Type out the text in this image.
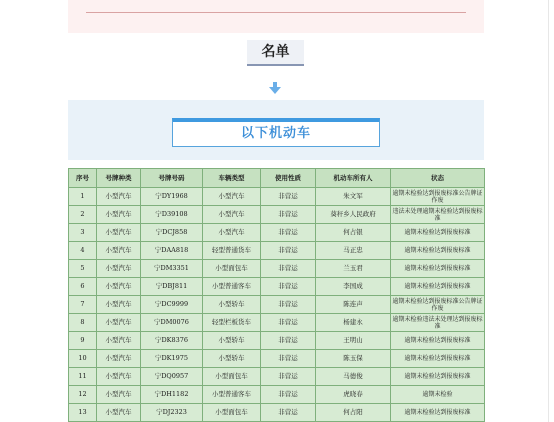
名单
以下机动车
序号	号牌种类	号牌号码	车辆类型	使用性质	机动车所有人	状态
1	小型汽车	宁DY1968	小型汽车	非营运	朱文军	逾期未检验达到报废标准公告牌证作废
2	小型汽车	宁D39108	小型汽车	非营运	葵秆乡人民政府	违法未处理逾期未检验达到报废标准
3	小型汽车	宁DCJ858	小型汽车	非营运	何占银	逾期未检验达到报废标准
4	小型汽车	宁DAA818	轻型普通货车	非营运	马正忠	逾期未检验达到报废标准
5	小型汽车	宁DM3351	小型面包车	非营运	兰玉君	逾期未检验达到报废标准
6	小型汽车	宁DBJ811	小型普通客车	非营运	李国成	逾期未检验达到报废标准
7	小型汽车	宁DC9999	小型轿车	非营运	陈连声	逾期未检验达到报废标准公告牌证作废
8	小型汽车	宁DM0076	轻型栏板货车	非营运	杨建永	逾期未检验违法未处理达到报废标准
9	小型汽车	宁DK8376	小型轿车	非营运	王明山	逾期未检验达到报废标准
10	小型汽车	宁DK1975	小型轿车	非营运	陈玉保	逾期未检验达到报废标准
11	小型汽车	宁DQ0957	小型面包车	非营运	马德俊	逾期未检验达到报废标准
12	小型汽车	宁DH1182	小型普通客车	非营运	虎晓春	逾期未检验
13	小型汽车	宁DJ2323	小型面包车	非营运	何占阳	逾期未检验达到报废标准
